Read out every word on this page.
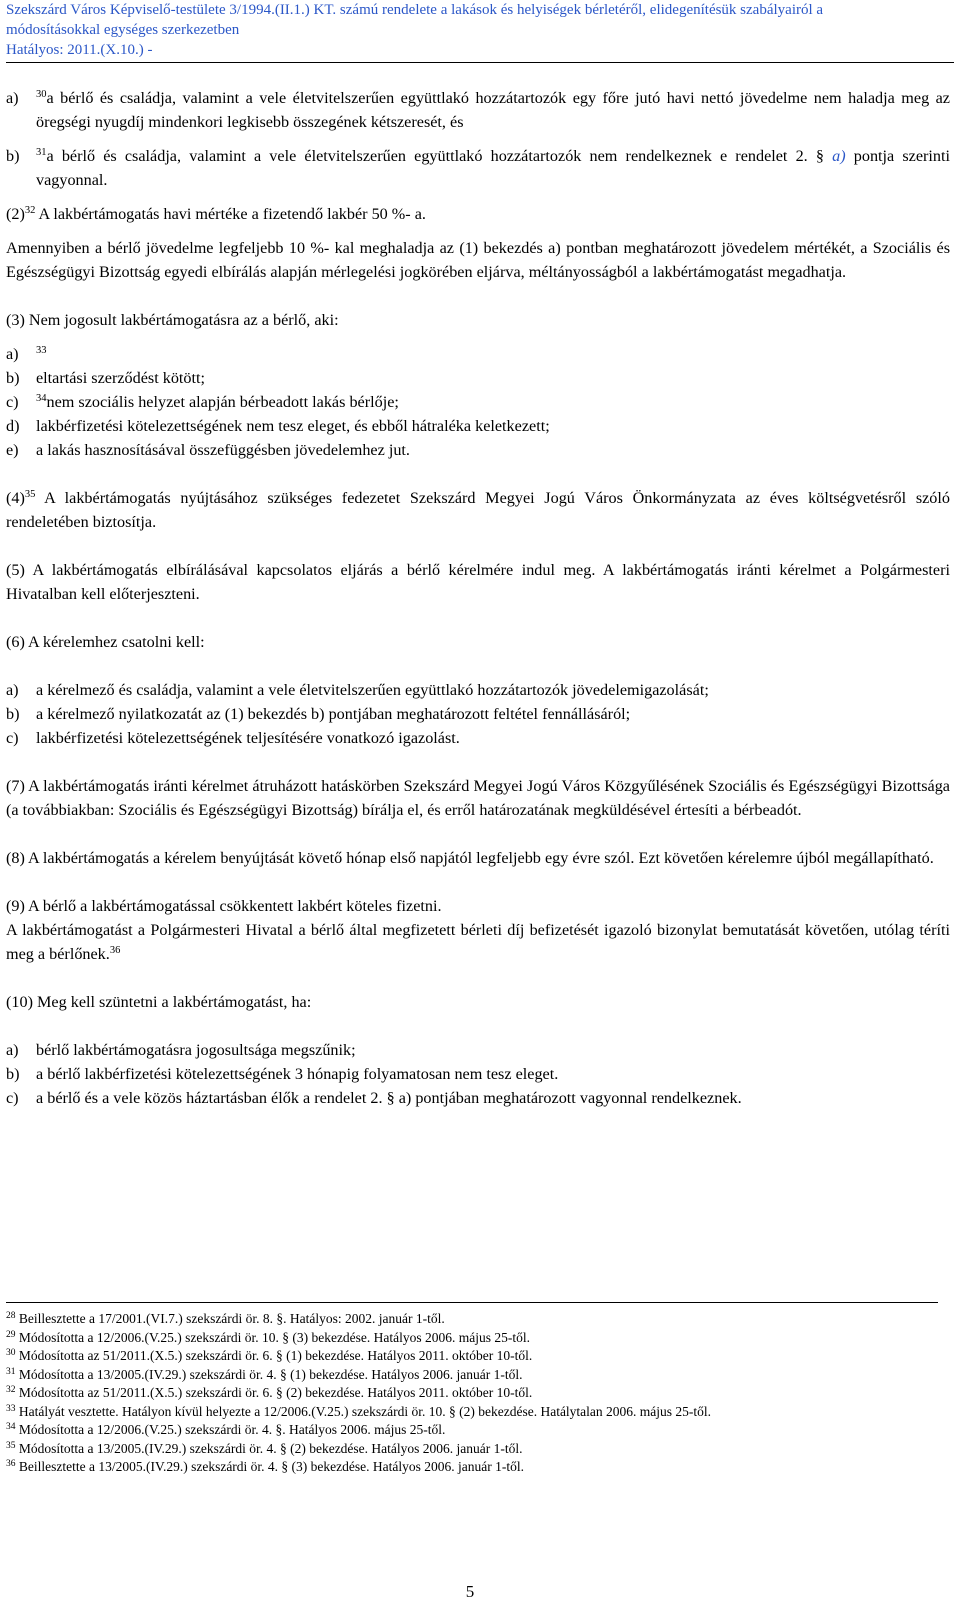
Szekszárd Város Képviselő-testülete 3/1994.(II.1.) KT. számú rendelete a lakások és helyiségek bérletéről, elidegenítésük szabályairól a
módosításokkal egységes szerkezetben
Hatályos: 2011.(X.10.) -
a)	$^{30}$a bérlő és családja, valamint a vele életvitelszerűen együttlakó hozzátartozók egy főre jutó havi nettó jövedelme nem haladja meg az öregségi nyugdíj mindenkori legkisebb összegének kétszeresét, és
b)	$^{31}$a bérlő és családja, valamint a vele életvitelszerűen együttlakó hozzátartozók nem rendelkeznek e rendelet 2. § a) pontja szerinti vagyonnal.

$(2)^{32}$ A lakbértámogatás havi mértéke a fizetendő lakbér 50 %- a.

Amennyiben a bérlő jövedelme legfeljebb 10 %- kal meghaladja az (1) bekezdés a) pontban meghatározott jövedelem mértékét, a Szociális és Egészségügyi Bizottság egyedi elbírálás alapján mérlegelési jogkörében eljárva, méltányosságból a lakbértámogatást megadhatja.

(3) Nem jogosult lakbértámogatásra az a bérlő, aki:

a)	$^{33}$
b)	eltartási szerződést kötött;
c)	$^{34}$nem szociális helyzet alapján bérbeadott lakás bérlője;
d)	lakbérfizetési kötelezettségének nem tesz eleget, és ebből hátraléka keletkezett;
e)	a lakás hasznosításával összefüggésben jövedelemhez jut.

$(4)^{35}$ A lakbértámogatás nyújtásához szükséges fedezetet Szekszárd Megyei Jogú Város Önkormányzata az éves költségvetésről szóló rendeletében biztosítja.

(5) A lakbértámogatás elbírálásával kapcsolatos eljárás a bérlő kérelmére indul meg. A lakbértámogatás iránti kérelmet a Polgármesteri Hivatalban kell előterjeszteni.

(6) A kérelemhez csatolni kell:

a)	a kérelmező és családja, valamint a vele életvitelszerűen együttlakó hozzátartozók jövedelemigazolását;
b)	a kérelmező nyilatkozatát az (1) bekezdés b) pontjában meghatározott feltétel fennállásáról;
c)	lakbérfizetési kötelezettségének teljesítésére vonatkozó igazolást.

(7) A lakbértámogatás iránti kérelmet átruházott hatáskörben Szekszárd Megyei Jogú Város Közgyűlésének Szociális és Egészségügyi Bizottsága (a továbbiakban: Szociális és Egészségügyi Bizottság) bírálja el, és erről határozatának megküldésével értesíti a bérbeadót.

(8) A lakbértámogatás a kérelem benyújtását követő hónap első napjától legfeljebb egy évre szól. Ezt követően kérelemre újból megállapítható.

(9) A bérlő a lakbértámogatással csökkentett lakbért köteles fizetni.

A lakbértámogatást a Polgármesteri Hivatal a bérlő által megfizetett bérleti díj befizetését igazoló bizonylat bemutatását követően, utólag téríti meg a bérlőnek.$^{36}$

(10) Meg kell szüntetni a lakbértámogatást, ha:

a)	bérlő lakbértámogatásra jogosultsága megszűnik;
b)	a bérlő lakbérfizetési kötelezettségének 3 hónapig folyamatosan nem tesz eleget.
c)	a bérlő és a vele közös háztartásban élők a rendelet 2. § a) pontjában meghatározott vagyonnal rendelkeznek.
$^{28}$ Beillesztette a 17/2001.(VI.7.) szekszárdi ör. 8. §. Hatályos: 2002. január 1-től.
$^{29}$ Módosította a 12/2006.(V.25.) szekszárdi ör. 10. § (3) bekezdése. Hatályos 2006. május 25-től.
$^{30}$ Módosította az 51/2011.(X.5.) szekszárdi ör. 6. § (1) bekezdése. Hatályos 2011. október 10-től.
$^{31}$ Módosította a 13/2005.(IV.29.) szekszárdi ör. 4. § (1) bekezdése. Hatályos 2006. január 1-től.
$^{32}$ Módosította az 51/2011.(X.5.) szekszárdi ör. 6. § (2) bekezdése. Hatályos 2011. október 10-től.
$^{33}$ Hatályát vesztette. Hatályon kívül helyezte a 12/2006.(V.25.) szekszárdi ör. 10. § (2) bekezdése. Hatálytalan 2006. május 25-től.
$^{34}$ Módosította a 12/2006.(V.25.) szekszárdi ör. 4. §. Hatályos 2006. május 25-től.
$^{35}$ Módosította a 13/2005.(IV.29.) szekszárdi ör. 4. § (2) bekezdése. Hatályos 2006. január 1-től.
$^{36}$ Beillesztette a 13/2005.(IV.29.) szekszárdi ör. 4. § (3) bekezdése. Hatályos 2006. január 1-től.
5
